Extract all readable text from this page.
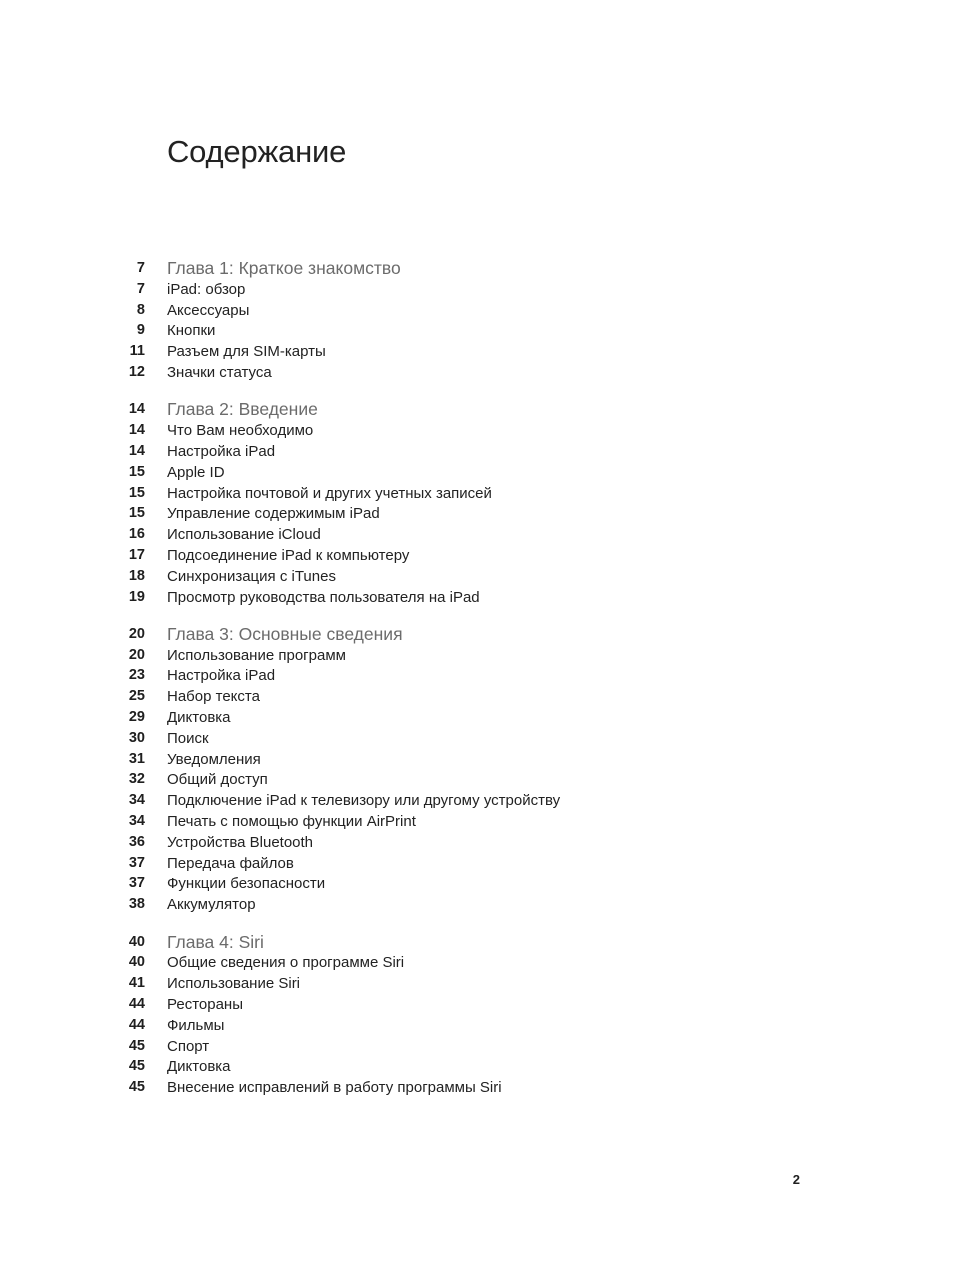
Содержание
7 Глава 1: Краткое знакомство
7 iPad: обзор
8 Аксессуары
9 Кнопки
11 Разъем для SIM-карты
12 Значки статуса
14 Глава 2: Введение
14 Что Вам необходимо
14 Настройка iPad
15 Apple ID
15 Настройка почтовой и других учетных записей
15 Управление содержимым iPad
16 Использование iCloud
17 Подсоединение iPad к компьютеру
18 Синхронизация с iTunes
19 Просмотр руководства пользователя на iPad
20 Глава 3: Основные сведения
20 Использование программ
23 Настройка iPad
25 Набор текста
29 Диктовка
30 Поиск
31 Уведомления
32 Общий доступ
34 Подключение iPad к телевизору или другому устройству
34 Печать с помощью функции AirPrint
36 Устройства Bluetooth
37 Передача файлов
37 Функции безопасности
38 Аккумулятор
40 Глава 4: Siri
40 Общие сведения о программе Siri
41 Использование Siri
44 Рестораны
44 Фильмы
45 Спорт
45 Диктовка
45 Внесение исправлений в работу программы Siri
2
